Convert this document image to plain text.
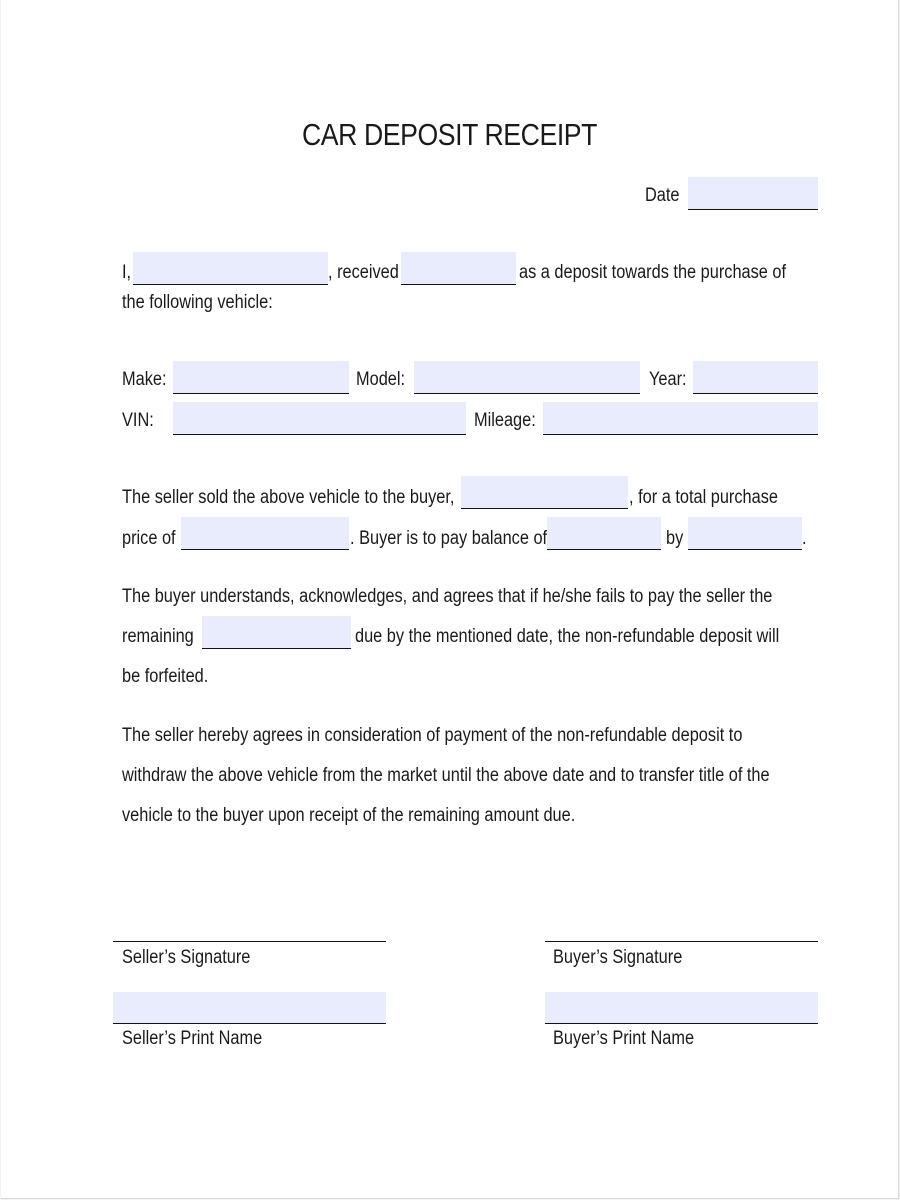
CAR DEPOSIT RECEIPT
Date
I,	, received	as a deposit towards the purchase of
the following vehicle:
Make:	Model:	Year:
VIN:	Mileage:
The seller sold the above vehicle to the buyer,	, for a total purchase
price of	. Buyer is to pay balance of	by	.
The buyer understands, acknowledges, and agrees that if he/she fails to pay the seller the
remaining	due by the mentioned date, the non-refundable deposit will
be forfeited.
The seller hereby agrees in consideration of payment of the non-refundable deposit to
withdraw the above vehicle from the market until the above date and to transfer title of the
vehicle to the buyer upon receipt of the remaining amount due.
Seller’s Signature	Buyer’s Signature
Seller’s Print Name	Buyer’s Print Name
